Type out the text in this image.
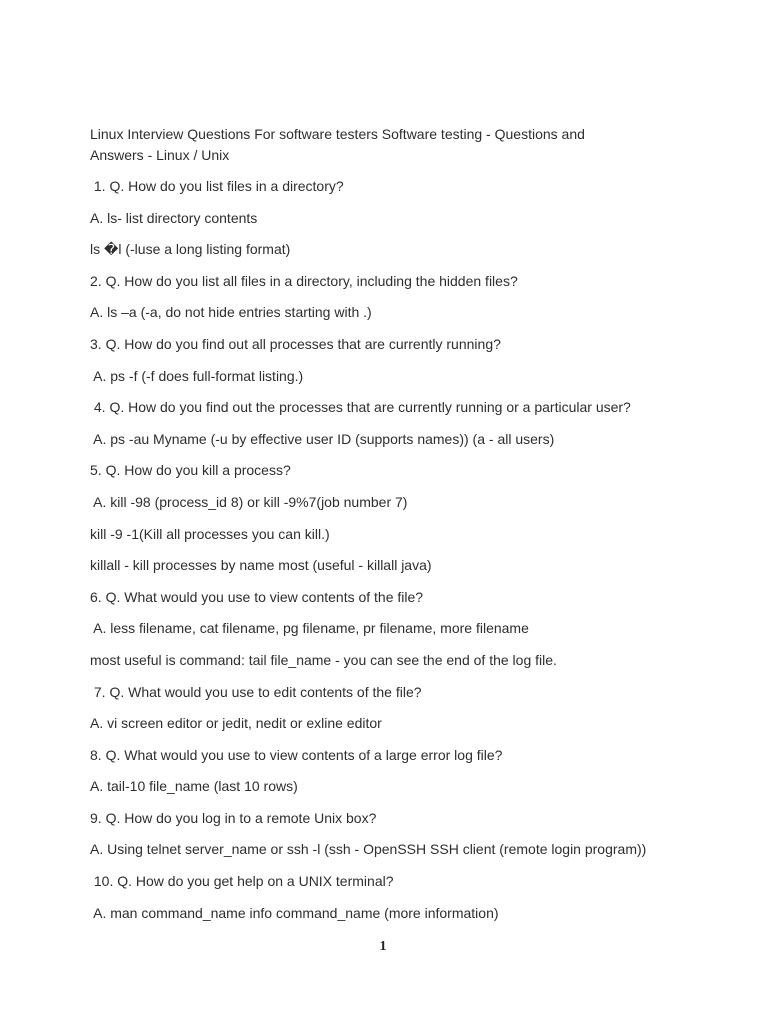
Linux Interview Questions For software testers Software testing - Questions and
Answers - Linux / Unix

1. Q. How do you list files in a directory?

A. ls- list directory contents

ls �l (-luse a long listing format)

2. Q. How do you list all files in a directory, including the hidden files?

A. ls –a (-a, do not hide entries starting with .)

3. Q. How do you find out all processes that are currently running?

A. ps -f (-f does full-format listing.)

4. Q. How do you find out the processes that are currently running or a particular user?

A. ps -au Myname (-u by effective user ID (supports names)) (a - all users)

5. Q. How do you kill a process?

A. kill -98 (process_id 8) or kill -9%7(job number 7)

kill -9 -1(Kill all processes you can kill.)

killall - kill processes by name most (useful - killall java)

6. Q. What would you use to view contents of the file?

A. less filename, cat filename, pg filename, pr filename, more filename

most useful is command: tail file_name - you can see the end of the log file.

7. Q. What would you use to edit contents of the file?

A. vi screen editor or jedit, nedit or exline editor

8. Q. What would you use to view contents of a large error log file?

A. tail-10 file_name (last 10 rows)

9. Q. How do you log in to a remote Unix box?

A. Using telnet server_name or ssh -l (ssh - OpenSSH SSH client (remote login program))

10. Q. How do you get help on a UNIX terminal?

A. man command_name info command_name (more information)

1
